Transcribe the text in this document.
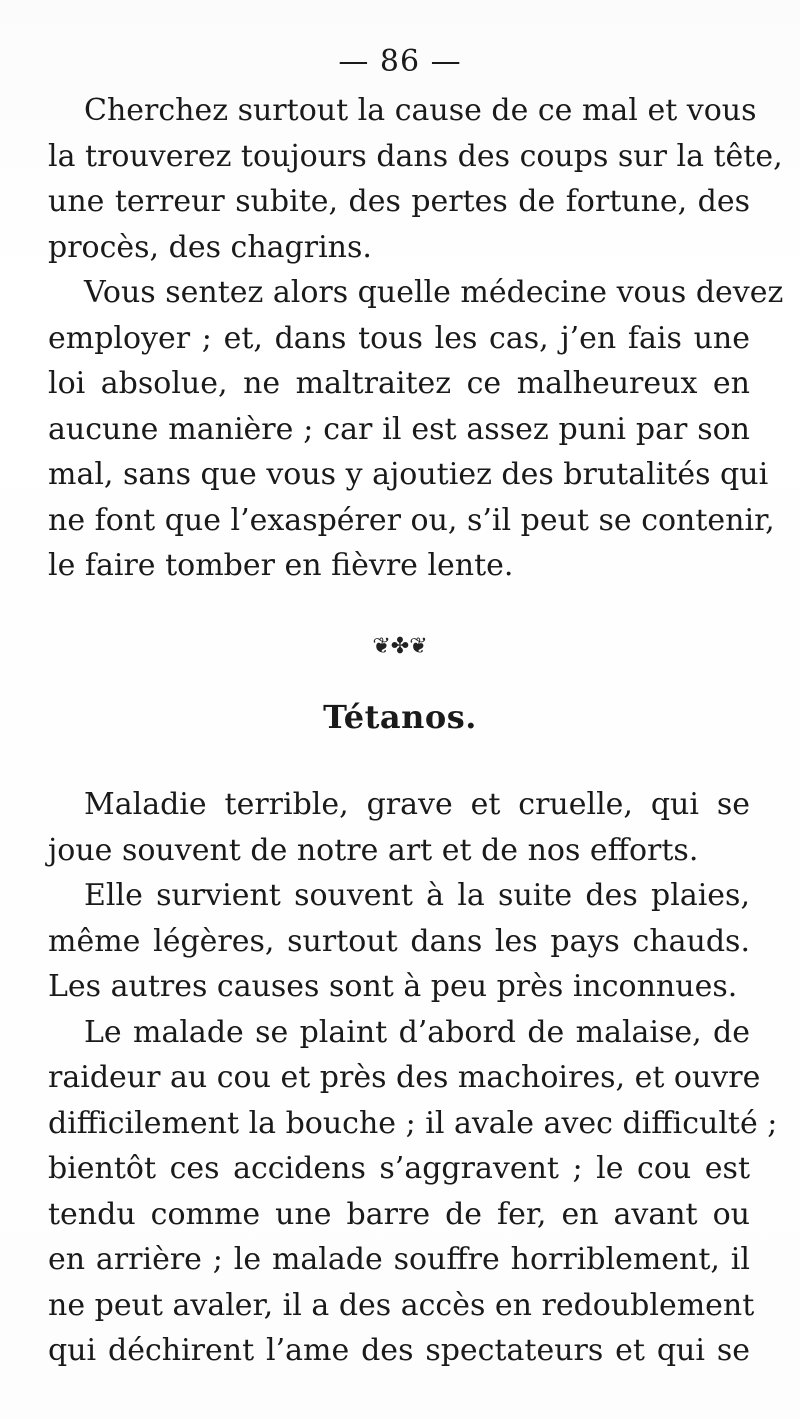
— 86 —
Cherchez surtout la cause de ce mal et vous
la trouverez toujours dans des coups sur la tête,
une terreur subite, des pertes de fortune, des
procès, des chagrins.
Vous sentez alors quelle médecine vous devez
employer ; et, dans tous les cas, j’en fais une
loi absolue, ne maltraitez ce malheureux en
aucune manière ; car il est assez puni par son
mal, sans que vous y ajoutiez des brutalités qui
ne font que l’exaspérer ou, s’il peut se contenir,
le faire tomber en fièvre lente.
❦✤❦
Tétanos.
Maladie terrible, grave et cruelle, qui se
joue souvent de notre art et de nos efforts.
Elle survient souvent à la suite des plaies,
même légères, surtout dans les pays chauds.
Les autres causes sont à peu près inconnues.
Le malade se plaint d’abord de malaise, de
raideur au cou et près des machoires, et ouvre
difficilement la bouche ; il avale avec difficulté ;
bientôt ces accidens s’aggravent ; le cou est
tendu comme une barre de fer, en avant ou
en arrière ; le malade souffre horriblement, il
ne peut avaler, il a des accès en redoublement
qui déchirent l’ame des spectateurs et qui se
